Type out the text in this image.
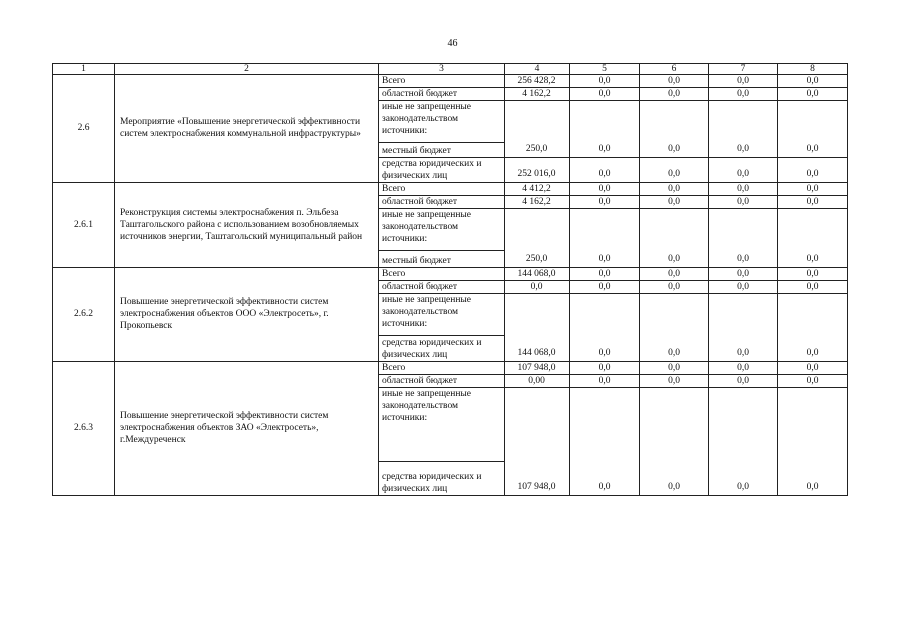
46
1	2	3	4	5	6	7	8
2.6	Мероприятие «Повышение энергетической эффективности систем электроснабжения коммунальной инфраструктуры»	Всего	256 428,2	0,0	0,0	0,0	0,0
		областной бюджет	4 162,2	0,0	0,0	0,0	0,0
		иные не запрещенные законодательством источники:					
		местный бюджет	250,0	0,0	0,0	0,0	0,0
		средства юридических и физических лиц	252 016,0	0,0	0,0	0,0	0,0
2.6.1	Реконструкция системы электроснабжения п. Эльбеза Таштагольского района с использованием возобновляемых источников энергии, Таштагольский муниципальный район	Всего	4 412,2	0,0	0,0	0,0	0,0
		областной бюджет	4 162,2	0,0	0,0	0,0	0,0
		иные не запрещенные законодательством источники:					
		местный бюджет	250,0	0,0	0,0	0,0	0,0
2.6.2	Повышение энергетической эффективности систем электроснабжения объектов ООО «Электросеть», г. Прокопьевск	Всего	144 068,0	0,0	0,0	0,0	0,0
		областной бюджет	0,0	0,0	0,0	0,0	0,0
		иные не запрещенные законодательством источники:					
		средства юридических и физических лиц	144 068,0	0,0	0,0	0,0	0,0
2.6.3	Повышение энергетической эффективности систем электроснабжения объектов ЗАО «Электросеть», г.Междуреченск	Всего	107 948,0	0,0	0,0	0,0	0,0
		областной бюджет	0,00	0,0	0,0	0,0	0,0
		иные не запрещенные законодательством источники:					
		средства юридических и физических лиц	107 948,0	0,0	0,0	0,0	0,0
